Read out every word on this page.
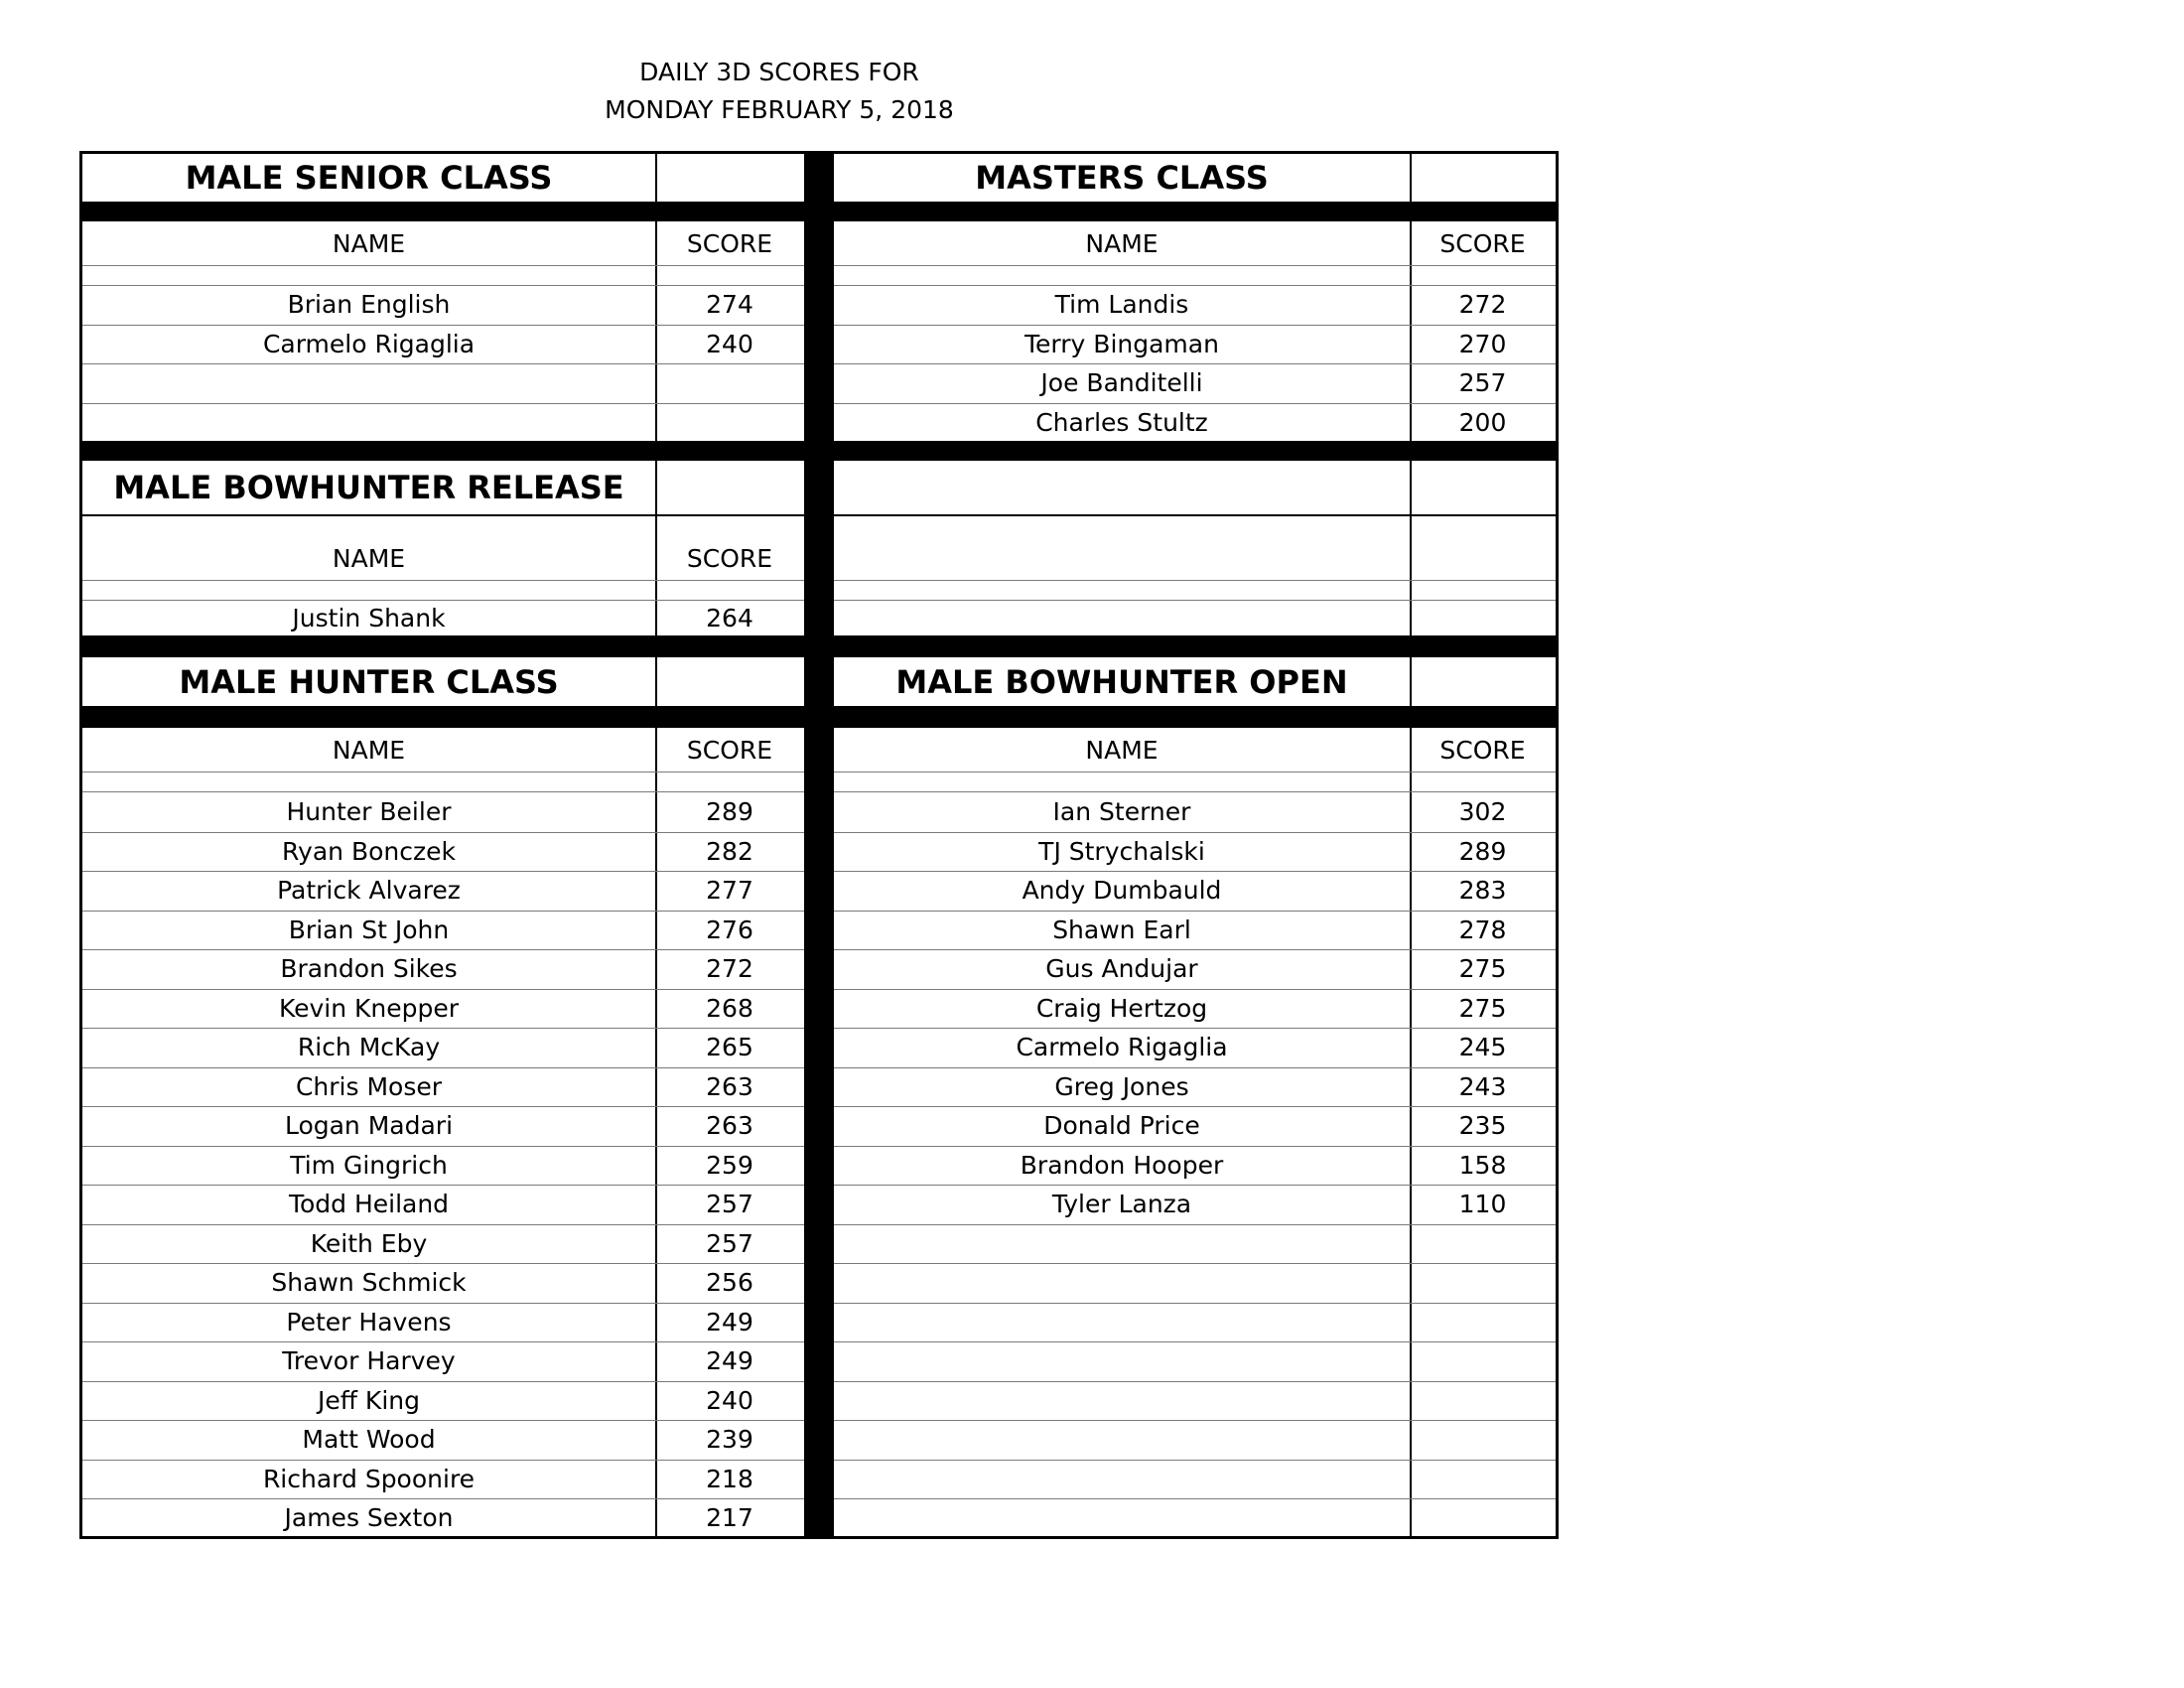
DAILY 3D SCORES FOR
MONDAY FEBRUARY 5, 2018
MALE SENIOR CLASS
NAME	SCORE
Brian English	274
Carmelo Rigaglia	240
MASTERS CLASS
NAME	SCORE
Tim Landis	272
Terry Bingaman	270
Joe Banditelli	257
Charles Stultz	200
MALE BOWHUNTER RELEASE
NAME	SCORE
Justin Shank	264
MALE HUNTER CLASS
NAME	SCORE
Hunter Beiler	289
Ryan Bonczek	282
Patrick Alvarez	277
Brian St John	276
Brandon Sikes	272
Kevin Knepper	268
Rich McKay	265
Chris Moser	263
Logan Madari	263
Tim Gingrich	259
Todd Heiland	257
Keith Eby	257
Shawn Schmick	256
Peter Havens	249
Trevor Harvey	249
Jeff King	240
Matt Wood	239
Richard Spoonire	218
James Sexton	217
MALE BOWHUNTER OPEN
NAME	SCORE
Ian Sterner	302
TJ Strychalski	289
Andy Dumbauld	283
Shawn Earl	278
Gus Andujar	275
Craig Hertzog	275
Carmelo Rigaglia	245
Greg Jones	243
Donald Price	235
Brandon Hooper	158
Tyler Lanza	110
